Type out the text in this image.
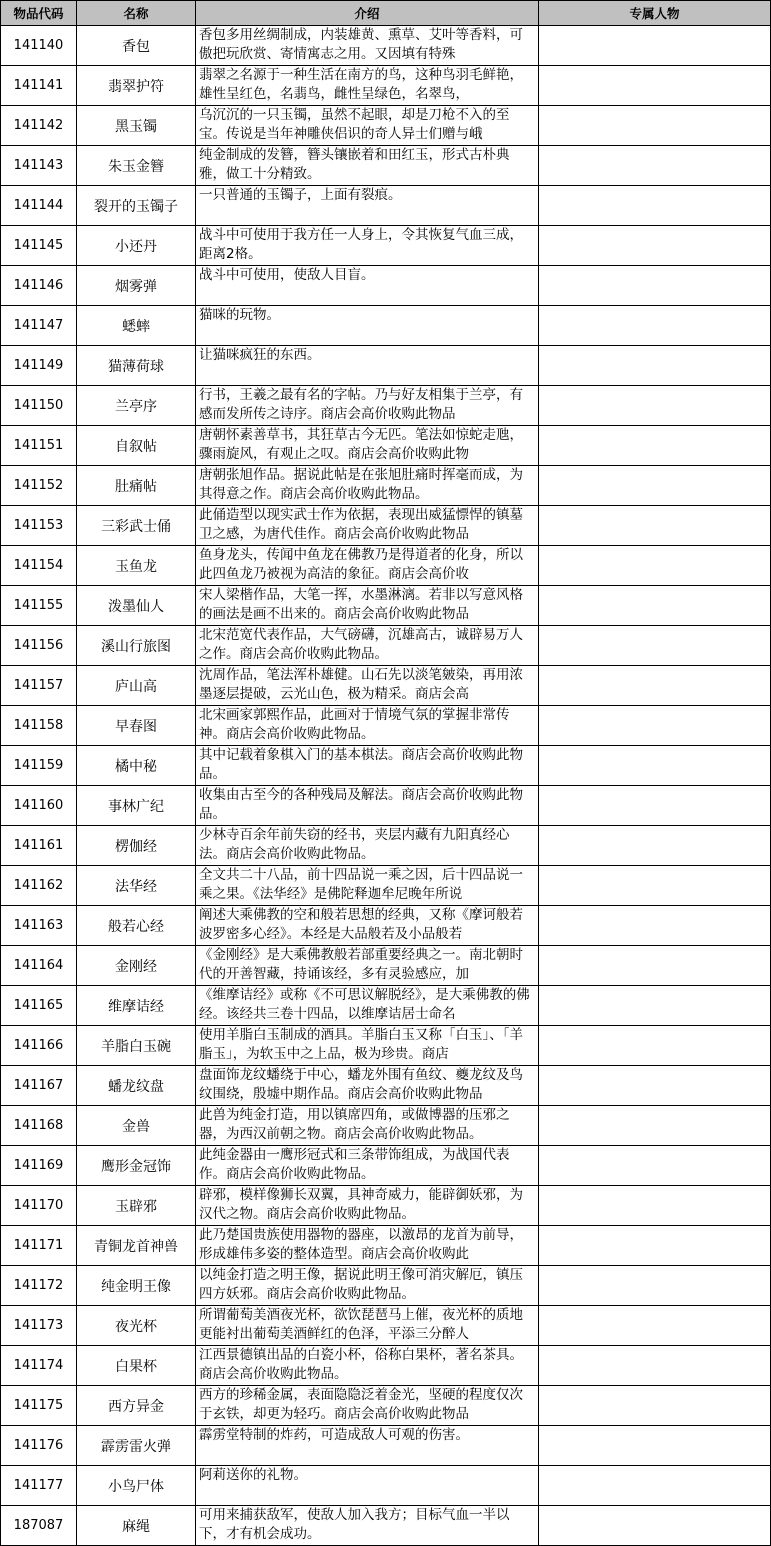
物品代码	名称	介绍	专属人物
141140	香包	香包多用丝绸制成，内装雄黄、熏草、艾叶等香料，可傲把玩欣赏、寄情寓志之用。又因填有特殊	

141141	翡翠护符	翡翠之名源于一种生活在南方的鸟，这种鸟羽毛鲜艳，雄性呈红色，名翡鸟，雌性呈绿色，名翠鸟，	

141142	黑玉镯	乌沉沉的一只玉镯，虽然不起眼，却是刀枪不入的至宝。传说是当年神雕侠侣识的奇人异士们赠与峨	

141143	朱玉金簪	纯金制成的发簪，簪头镶嵌着和田红玉，形式古朴典雅，做工十分精致。	

141144	裂开的玉镯子	一只普通的玉镯子，上面有裂痕。	

141145	小还丹	战斗中可使用于我方任一人身上，令其恢复气血三成，距离2格。	

141146	烟雾弹	战斗中可使用，使敌人目盲。	

141147	蟋蟀	猫咪的玩物。	

141149	猫薄荷球	让猫咪疯狂的东西。	

141150	兰亭序	行书，王羲之最有名的字帖。乃与好友相集于兰亭，有感而发所传之诗序。商店会高价收购此物品	

141151	自叙帖	唐朝怀素善草书，其狂草古今无匹。笔法如惊蛇走虺，骤雨旋风，有观止之叹。商店会高价收购此物	

141152	肚痛帖	唐朝张旭作品。据说此帖是在张旭肚痛时挥毫而成，为其得意之作。商店会高价收购此物品。	

141153	三彩武士俑	此俑造型以现实武士作为依据，表现出威猛慓悍的镇墓卫之感，为唐代佳作。商店会高价收购此物品	

141154	玉鱼龙	鱼身龙头，传闻中鱼龙在佛教乃是得道者的化身，所以此四鱼龙乃被视为高洁的象征。商店会高价收	

141155	泼墨仙人	宋人梁楷作品，大笔一挥，水墨淋漓。若非以写意风格的画法是画不出来的。商店会高价收购此物品	

141156	溪山行旅图	北宋范宽代表作品，大气磅礴，沉雄高古，诚辟易万人之作。商店会高价收购此物品。	

141157	庐山高	沈周作品，笔法浑朴雄健。山石先以淡笔皴染，再用浓墨逐层提破，云光山色，极为精采。商店会高	

141158	早春图	北宋画家郭熙作品，此画对于情境气氛的掌握非常传神。商店会高价收购此物品。	

141159	橘中秘	其中记载着象棋入门的基本棋法。商店会高价收购此物品。	

141160	事林广纪	收集由古至今的各种残局及解法。商店会高价收购此物品。	

141161	楞伽经	少林寺百余年前失窃的经书，夹层内藏有九阳真经心法。商店会高价收购此物品。	

141162	法华经	全文共二十八品，前十四品说一乘之因，后十四品说一乘之果。《法华经》是佛陀释迦牟尼晚年所说	

141163	般若心经	阐述大乘佛教的空和般若思想的经典，又称《摩诃般若波罗密多心经》。本经是大品般若及小品般若	

141164	金刚经	《金刚经》是大乘佛教般若部重要经典之一。南北朝时代的开善智藏，持诵该经，多有灵验感应，加	

141165	维摩诘经	《维摩诘经》或称《不可思议解脱经》，是大乘佛教的佛经。该经共三卷十四品，以维摩诘居士命名	

141166	羊脂白玉碗	使用羊脂白玉制成的酒具。羊脂白玉又称「白玉」、「羊脂玉」，为软玉中之上品，极为珍贵。商店	

141167	蟠龙纹盘	盘面饰龙纹蟠绕于中心，蟠龙外围有鱼纹、夔龙纹及鸟纹围绕，殷墟中期作品。商店会高价收购此物品	

141168	金兽	此兽为纯金打造，用以镇席四角，或做博器的压邪之器，为西汉前朝之物。商店会高价收购此物品。	

141169	鹰形金冠饰	此纯金器由一鹰形冠式和三条带饰组成，为战国代表作。商店会高价收购此物品。	

141170	玉辟邪	辟邪，模样像狮长双翼，具神奇威力，能辟御妖邪，为汉代之物。商店会高价收购此物品。	

141171	青铜龙首神兽	此乃楚国贵族使用器物的器座，以激昂的龙首为前导，形成雄伟多姿的整体造型。商店会高价收购此	

141172	纯金明王像	以纯金打造之明王像，据说此明王像可消灾解厄，镇压四方妖邪。商店会高价收购此物品。	

141173	夜光杯	所谓葡萄美酒夜光杯，欲饮琵琶马上催，夜光杯的质地更能衬出葡萄美酒鲜红的色泽，平添三分醉人	

141174	白果杯	江西景德镇出品的白瓷小杯，俗称白果杯，著名茶具。商店会高价收购此物品。	

141175	西方异金	西方的珍稀金属，表面隐隐泛着金光，坚硬的程度仅次于玄铁，却更为轻巧。商店会高价收购此物品	

141176	霹雳雷火弹	霹雳堂特制的炸药，可造成敌人可观的伤害。	

141177	小鸟尸体	阿莉送你的礼物。	

187087	麻绳	可用来捕获敌军，使敌人加入我方；目标气血一半以下，才有机会成功。	
